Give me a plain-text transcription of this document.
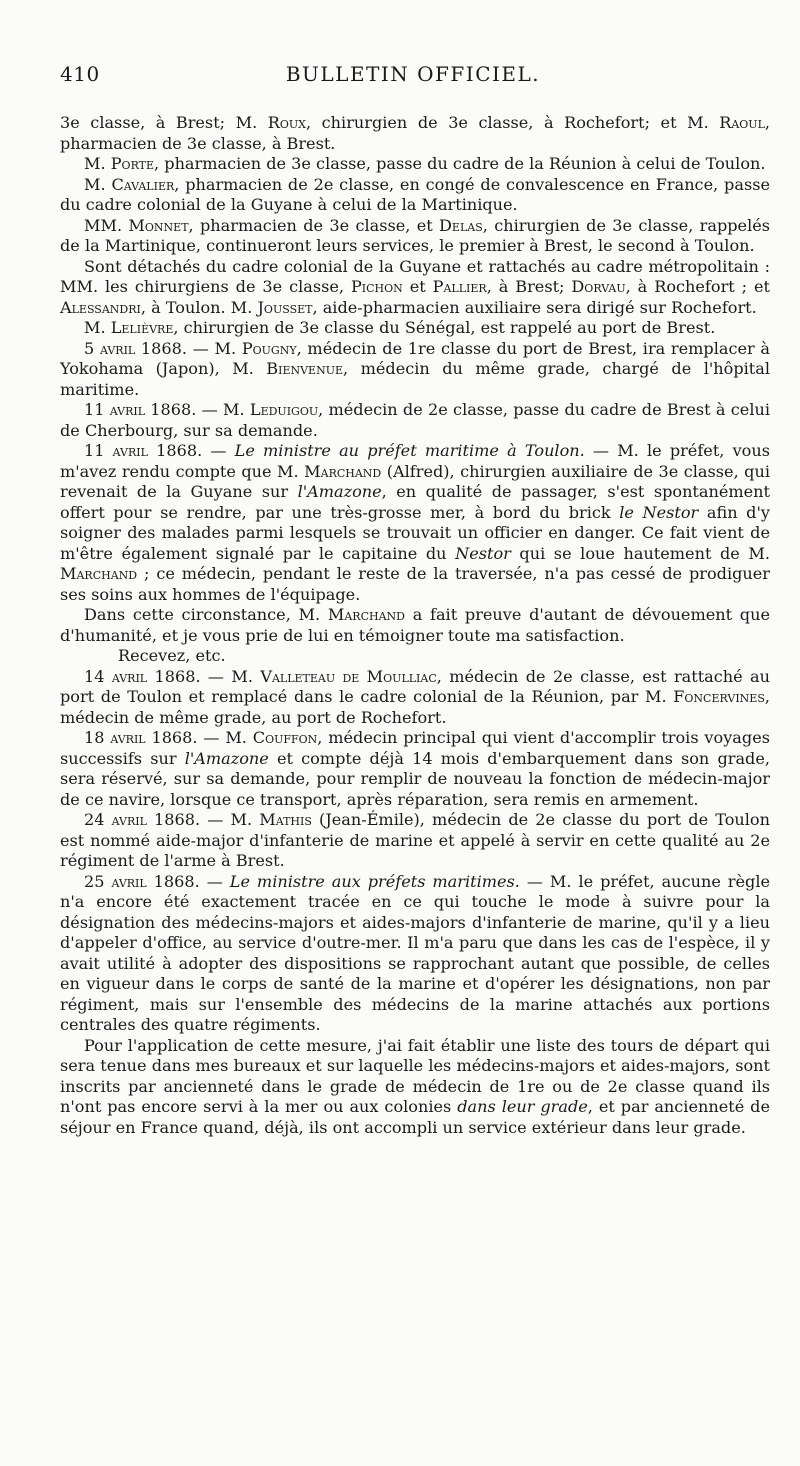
410	BULLETIN OFFICIEL.

3e classe, à Brest; M. Roux, chirurgien de 3e classe, à Rochefort; et M. Raoul, pharmacien de 3e classe, à Brest.

M. Porte, pharmacien de 3e classe, passe du cadre de la Réunion à celui de Toulon.

M. Cavalier, pharmacien de 2e classe, en congé de convalescence en France, passe du cadre colonial de la Guyane à celui de la Martinique.

MM. Monnet, pharmacien de 3e classe, et Delas, chirurgien de 3e classe, rappelés de la Martinique, continueront leurs services, le premier à Brest, le second à Toulon.

Sont détachés du cadre colonial de la Guyane et rattachés au cadre métropolitain : MM. les chirurgiens de 3e classe, Pichon et Pallier, à Brest; Dorvau, à Rochefort ; et Alessandri, à Toulon. M. Jousset, aide-pharmacien auxiliaire sera dirigé sur Rochefort.

M. Lelièvre, chirurgien de 3e classe du Sénégal, est rappelé au port de Brest.

5 avril 1868. — M. Pougny, médecin de 1re classe du port de Brest, ira remplacer à Yokohama (Japon), M. Bienvenue, médecin du même grade, chargé de l'hôpital maritime.

11 avril 1868. — M. Leduigou, médecin de 2e classe, passe du cadre de Brest à celui de Cherbourg, sur sa demande.

11 avril 1868. — Le ministre au préfet maritime à Toulon. — M. le préfet, vous m'avez rendu compte que M. Marchand (Alfred), chirurgien auxiliaire de 3e classe, qui revenait de la Guyane sur l'Amazone, en qualité de passager, s'est spontanément offert pour se rendre, par une très-grosse mer, à bord du brick le Nestor afin d'y soigner des malades parmi lesquels se trouvait un officier en danger. Ce fait vient de m'être également signalé par le capitaine du Nestor qui se loue hautement de M. Marchand ; ce médecin, pendant le reste de la traversée, n'a pas cessé de prodiguer ses soins aux hommes de l'équipage.

Dans cette circonstance, M. Marchand a fait preuve d'autant de dévouement que d'humanité, et je vous prie de lui en témoigner toute ma satisfaction.

Recevez, etc.

14 avril 1868. — M. Valleteau de Moulliac, médecin de 2e classe, est rattaché au port de Toulon et remplacé dans le cadre colonial de la Réunion, par M. Foncervines, médecin de même grade, au port de Rochefort.

18 avril 1868. — M. Couffon, médecin principal qui vient d'accomplir trois voyages successifs sur l'Amazone et compte déjà 14 mois d'embarquement dans son grade, sera réservé, sur sa demande, pour remplir de nouveau la fonction de médecin-major de ce navire, lorsque ce transport, après réparation, sera remis en armement.

24 avril 1868. — M. Mathis (Jean-Émile), médecin de 2e classe du port de Toulon est nommé aide-major d'infanterie de marine et appelé à servir en cette qualité au 2e régiment de l'arme à Brest.

25 avril 1868. — Le ministre aux préfets maritimes. — M. le préfet, aucune règle n'a encore été exactement tracée en ce qui touche le mode à suivre pour la désignation des médecins-majors et aides-majors d'infanterie de marine, qu'il y a lieu d'appeler d'office, au service d'outre-mer. Il m'a paru que dans les cas de l'espèce, il y avait utilité à adopter des dispositions se rapprochant autant que possible, de celles en vigueur dans le corps de santé de la marine et d'opérer les désignations, non par régiment, mais sur l'ensemble des médecins de la marine attachés aux portions centrales des quatre régiments.

Pour l'application de cette mesure, j'ai fait établir une liste des tours de départ qui sera tenue dans mes bureaux et sur laquelle les médecins-majors et aides-majors, sont inscrits par ancienneté dans le grade de médecin de 1re ou de 2e classe quand ils n'ont pas encore servi à la mer ou aux colonies dans leur grade, et par ancienneté de séjour en France quand, déjà, ils ont accompli un service extérieur dans leur grade.
